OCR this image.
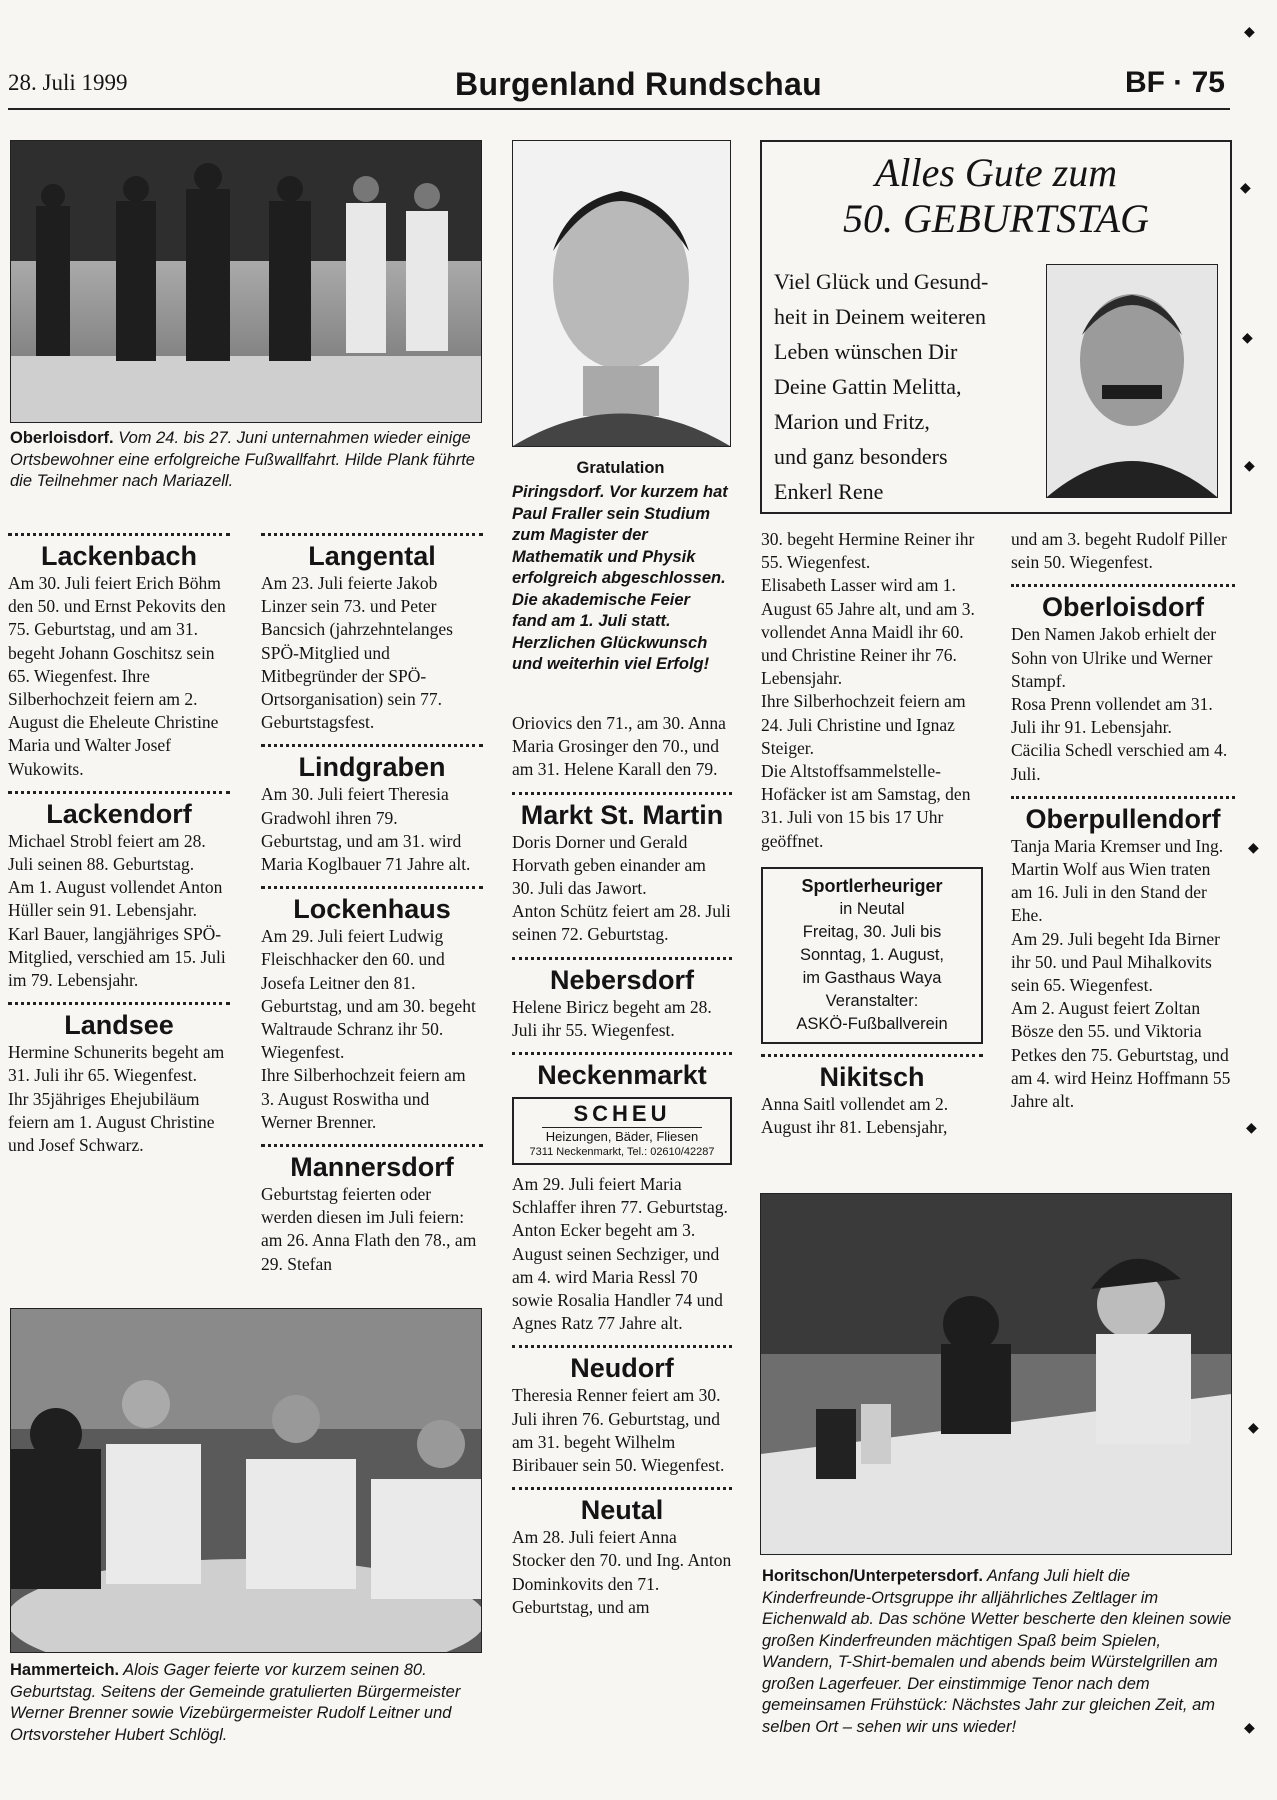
28. Juli 1999	Burgenland Rundschau	BF · 75
◆
◆
◆
◆
◆
◆
◆
◆
Oberloisdorf. Vom 24. bis 27. Juni unternahmen wieder einige Ortsbewohner eine erfolgreiche Fußwallfahrt. Hilde Plank führte die Teilnehmer nach Mariazell.
Gratulation
Piringsdorf. Vor kurzem hat Paul Fraller sein Studium zum Magister der Mathematik und Physik erfolgreich abgeschlossen. Die akademische Feier fand am 1. Juli statt. Herzlichen Glückwunsch und weiterhin viel Erfolg!
Alles Gute zum
50. GEBURTSTAG
Viel Glück und Gesund-
heit in Deinem weiteren
Leben wünschen Dir
Deine Gattin Melitta,
Marion und Fritz,
und ganz besonders
Enkerl Rene
Lackenbach

Am 30. Juli feiert Erich Böhm den 50. und Ernst Pekovits den 75. Geburtstag, und am 31. begeht Johann Goschitsz sein 65. Wiegenfest. Ihre Silberhochzeit feiern am 2. August die Eheleute Christine Maria und Walter Josef Wukowits.

Lackendorf

Michael Strobl feiert am 28. Juli seinen 88. Geburtstag.

Am 1. August vollendet Anton Hüller sein 91. Lebensjahr.

Karl Bauer, langjähriges SPÖ-Mitglied, verschied am 15. Juli im 79. Lebensjahr.

Landsee

Hermine Schunerits begeht am 31. Juli ihr 65. Wiegenfest.

Ihr 35jähriges Ehejubiläum feiern am 1. August Christine und Josef Schwarz.

Langental

Am 23. Juli feierte Jakob Linzer sein 73. und Peter Bancsich (jahrzehntelanges SPÖ-Mitglied und Mitbegründer der SPÖ-Ortsorganisation) sein 77. Geburtstagsfest.

Lindgraben

Am 30. Juli feiert Theresia Gradwohl ihren 79. Geburtstag, und am 31. wird Maria Koglbauer 71 Jahre alt.

Lockenhaus

Am 29. Juli feiert Ludwig Fleischhacker den 60. und Josefa Leitner den 81. Geburtstag, und am 30. begeht Waltraude Schranz ihr 50. Wiegenfest.

Ihre Silberhochzeit feiern am 3. August Roswitha und Werner Brenner.

Mannersdorf

Geburtstag feierten oder werden diesen im Juli feiern: am 26. Anna Flath den 78., am 29. Stefan

Oriovics den 71., am 30. Anna Maria Grosinger den 70., und am 31. Helene Karall den 79.

Markt St. Martin

Doris Dorner und Gerald Horvath geben einander am 30. Juli das Jawort.

Anton Schütz feiert am 28. Juli seinen 72. Geburtstag.

Nebersdorf

Helene Biricz begeht am 28. Juli ihr 55. Wiegenfest.

Neckenmarkt
SCHEU
Heizungen, Bäder, Fliesen
7311 Neckenmarkt, Tel.: 02610/42287

Am 29. Juli feiert Maria Schlaffer ihren 77. Geburtstag.

Anton Ecker begeht am 3. August seinen Sechziger, und am 4. wird Maria Ressl 70 sowie Rosalia Handler 74 und Agnes Ratz 77 Jahre alt.

Neudorf

Theresia Renner feiert am 30. Juli ihren 76. Geburtstag, und am 31. begeht Wilhelm Biribauer sein 50. Wiegenfest.

Neutal

Am 28. Juli feiert Anna Stocker den 70. und Ing. Anton Dominkovits den 71. Geburtstag, und am

30. begeht Hermine Reiner ihr 55. Wiegenfest.

Elisabeth Lasser wird am 1. August 65 Jahre alt, und am 3. vollendet Anna Maidl ihr 60. und Christine Reiner ihr 76. Lebensjahr.

Ihre Silberhochzeit feiern am 24. Juli Christine und Ignaz Steiger.

Die Altstoffsammelstelle-Hofäcker ist am Samstag, den 31. Juli von 15 bis 17 Uhr geöffnet.

Sportlerheuriger
in Neutal
Freitag, 30. Juli bis
Sonntag, 1. August,
im Gasthaus Waya
Veranstalter:
ASKÖ-Fußballverein
Nikitsch

Anna Saitl vollendet am 2. August ihr 81. Lebensjahr,

und am 3. begeht Rudolf Piller sein 50. Wiegenfest.

Oberloisdorf

Den Namen Jakob erhielt der Sohn von Ulrike und Werner Stampf.

Rosa Prenn vollendet am 31. Juli ihr 91. Lebensjahr.

Cäcilia Schedl verschied am 4. Juli.

Oberpullendorf

Tanja Maria Kremser und Ing. Martin Wolf aus Wien traten am 16. Juli in den Stand der Ehe.

Am 29. Juli begeht Ida Birner ihr 50. und Paul Mihalkovits sein 65. Wiegenfest.

Am 2. August feiert Zoltan Bösze den 55. und Viktoria Petkes den 75. Geburtstag, und am 4. wird Heinz Hoffmann 55 Jahre alt.

Hammerteich. Alois Gager feierte vor kurzem seinen 80. Geburtstag. Seitens der Gemeinde gratulierten Bürgermeister Werner Brenner sowie Vizebürgermeister Rudolf Leitner und Ortsvorsteher Hubert Schlögl.
Horitschon/Unterpetersdorf. Anfang Juli hielt die Kinderfreunde-Ortsgruppe ihr alljährliches Zeltlager im Eichenwald ab. Das schöne Wetter bescherte den kleinen sowie großen Kinderfreunden mächtigen Spaß beim Spielen, Wandern, T-Shirt-bemalen und abends beim Würstelgrillen am großen Lagerfeuer. Der einstimmige Tenor nach dem gemeinsamen Frühstück: Nächstes Jahr zur gleichen Zeit, am selben Ort – sehen wir uns wieder!
